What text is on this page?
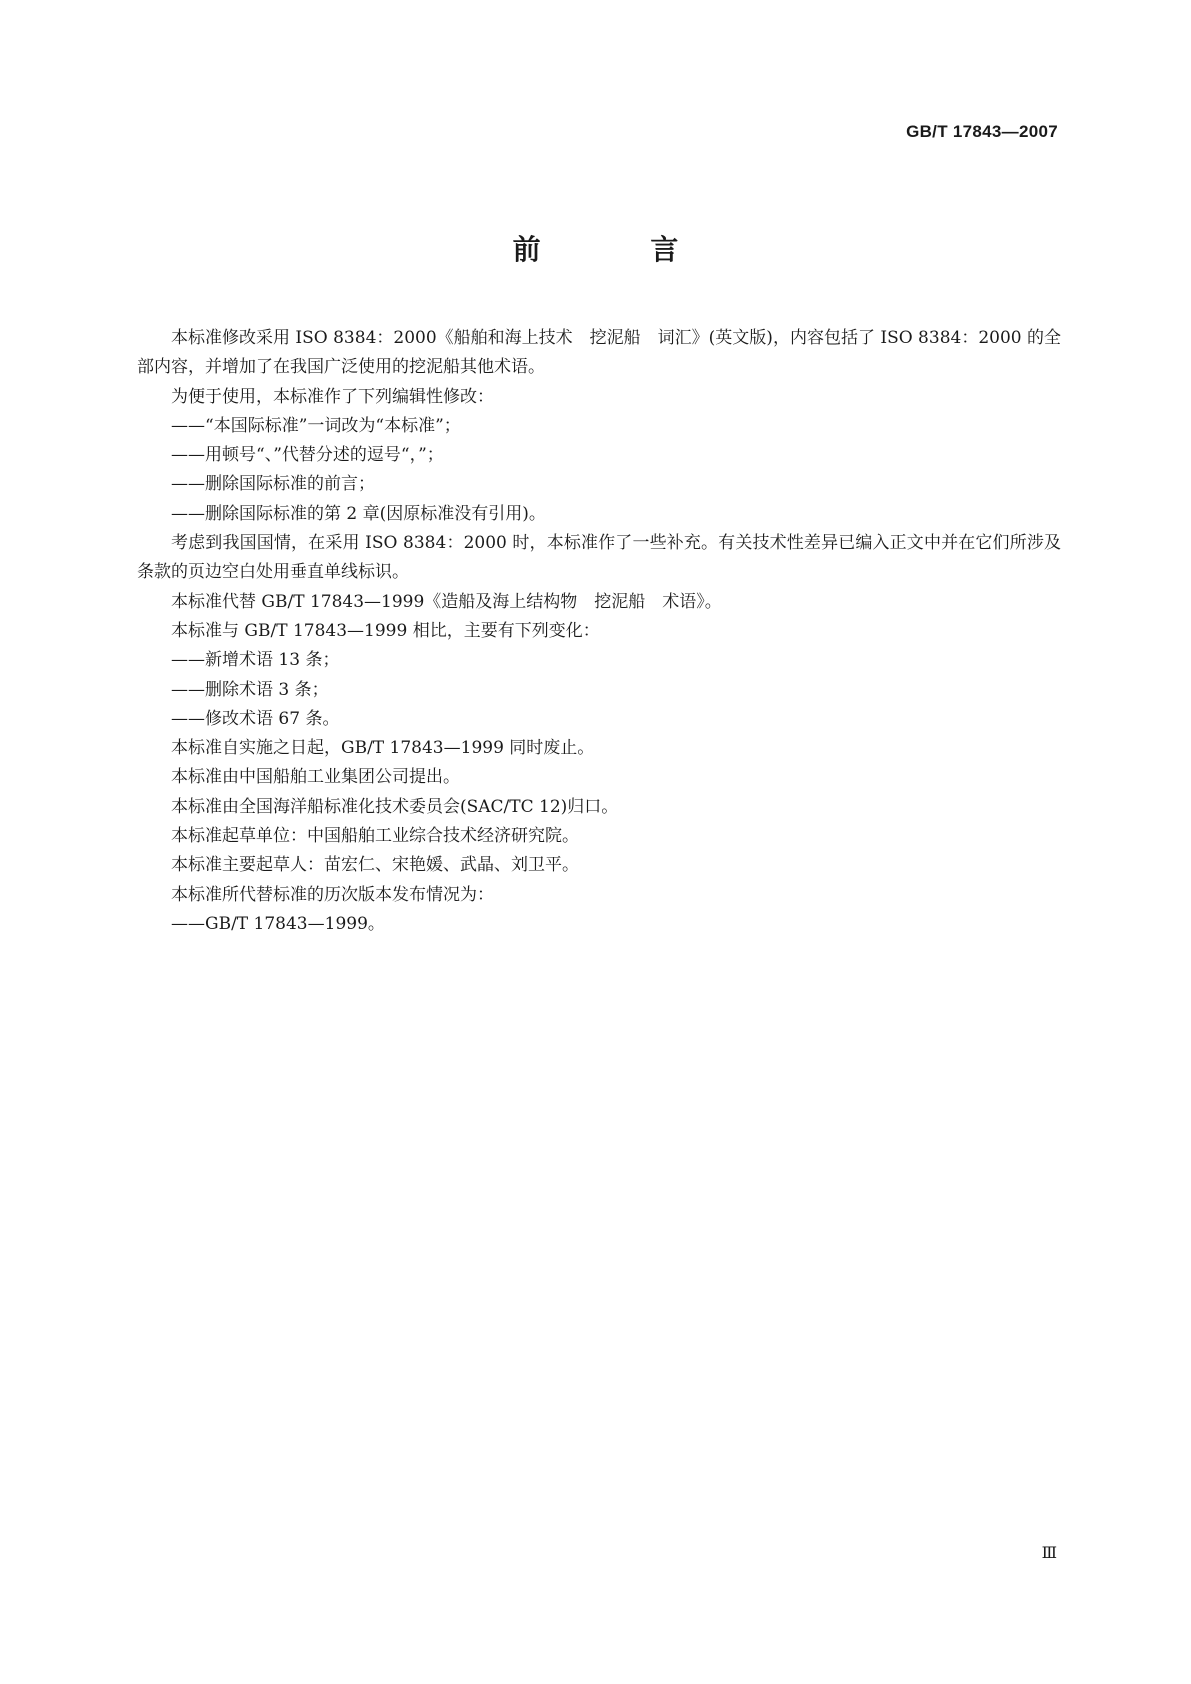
GB/T 17843—2007
前 言

本标准修改采用 ISO 8384：2000《船舶和海上技术　挖泥船　词汇》(英文版)，内容包括了 ISO 8384：2000 的全部内容，并增加了在我国广泛使用的挖泥船其他术语。

为便于使用，本标准作了下列编辑性修改：

——“本国际标准”一词改为“本标准”；

——用顿号“、”代替分述的逗号“，”；

——删除国际标准的前言；

——删除国际标准的第 2 章(因原标准没有引用)。

考虑到我国国情，在采用 ISO 8384：2000 时，本标准作了一些补充。有关技术性差异已编入正文中并在它们所涉及条款的页边空白处用垂直单线标识。

本标准代替 GB/T 17843—1999《造船及海上结构物　挖泥船　术语》。

本标准与 GB/T 17843—1999 相比，主要有下列变化：

——新增术语 13 条；

——删除术语 3 条；

——修改术语 67 条。

本标准自实施之日起，GB/T 17843—1999 同时废止。

本标准由中国船舶工业集团公司提出。

本标准由全国海洋船标准化技术委员会(SAC/TC 12)归口。

本标准起草单位：中国船舶工业综合技术经济研究院。

本标准主要起草人：苗宏仁、宋艳媛、武晶、刘卫平。

本标准所代替标准的历次版本发布情况为：

——GB/T 17843—1999。

Ⅲ
